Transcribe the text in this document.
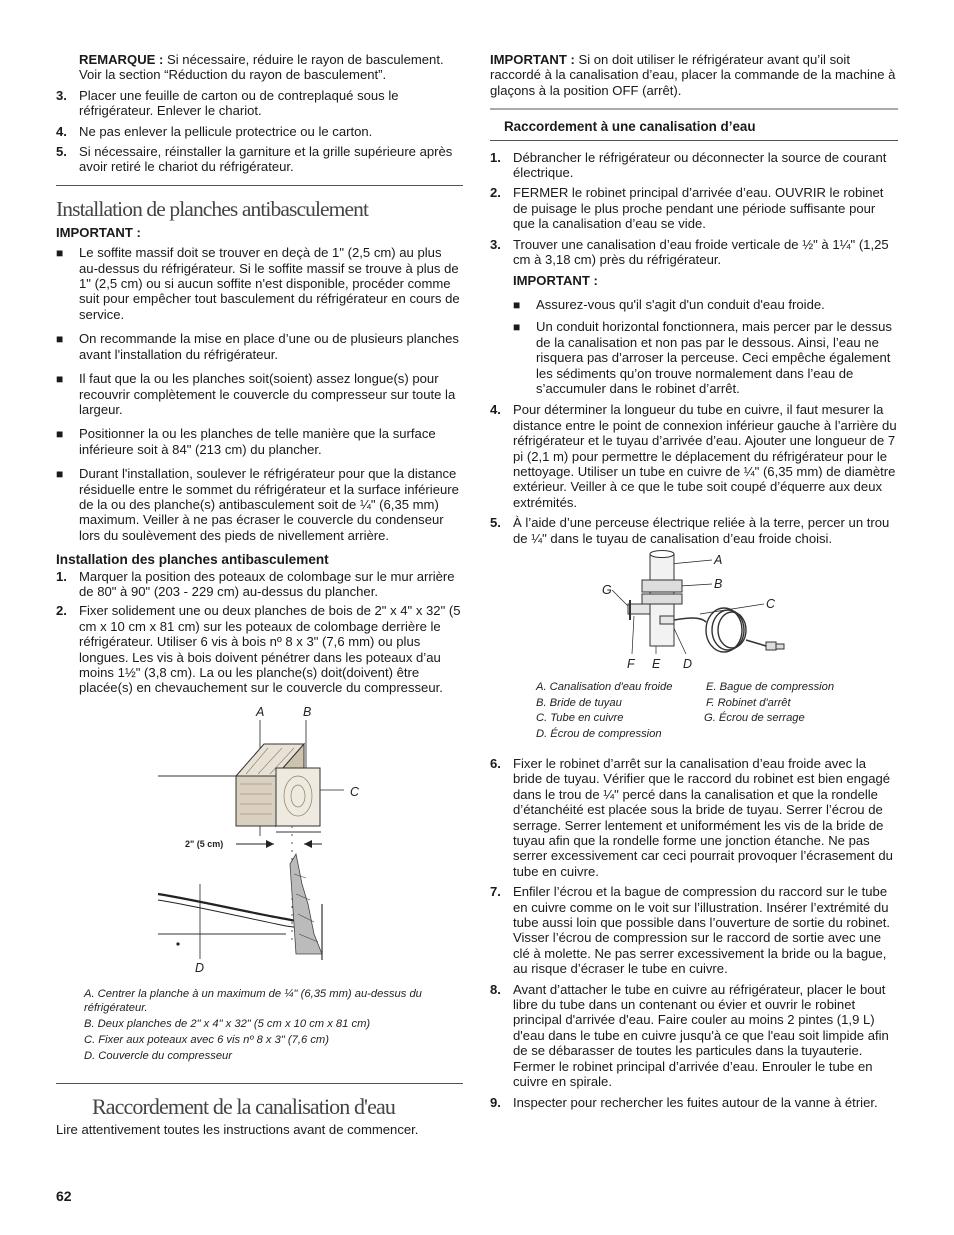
REMARQUE : Si nécessaire, réduire le rayon de basculement. Voir la section “Réduction du rayon de basculement”.

3. Placer une feuille de carton ou de contreplaqué sous le réfrigérateur. Enlever le chariot.
4. Ne pas enlever la pellicule protectrice ou le carton.
5. Si nécessaire, réinstaller la garniture et la grille supérieure après avoir retiré le chariot du réfrigérateur.
Installation de planches antibasculement

IMPORTANT :

■ Le soffite massif doit se trouver en deçà de 1" (2,5 cm) au plus au-dessus du réfrigérateur. Si le soffite massif se trouve à plus de 1" (2,5 cm) ou si aucun soffite n'est disponible, procéder comme suit pour empêcher tout basculement du réfrigérateur en cours de service.
■ On recommande la mise en place d’une ou de plusieurs planches avant l'installation du réfrigérateur.
■ Il faut que la ou les planches soit(soient) assez longue(s) pour recouvrir complètement le couvercle du compresseur sur toute la largeur.
■ Positionner la ou les planches de telle manière que la surface inférieure soit à 84" (213 cm) du plancher.
■ Durant l'installation, soulever le réfrigérateur pour que la distance résiduelle entre le sommet du réfrigérateur et la surface inférieure de la ou des planche(s) antibasculement soit de ¼" (6,35 mm) maximum. Veiller à ne pas écraser le couvercle du condenseur lors du soulèvement des pieds de nivellement arrière.
Installation des planches antibasculement
1. Marquer la position des poteaux de colombage sur le mur arrière de 80" à 90" (203 - 229 cm) au-dessus du plancher.
2. Fixer solidement une ou deux planches de bois de 2" x 4" x 32" (5 cm x 10 cm x 81 cm) sur les poteaux de colombage derrière le réfrigérateur. Utiliser 6 vis à bois nº 8 x 3" (7,6 mm) ou plus longues. Les vis à bois doivent pénétrer dans les poteaux d’au moins 1½" (3,8 cm). La ou les planche(s) doit(doivent) être placée(s) en chevauchement sur le couvercle du compresseur.
A	B
C
D
2" (5 cm)
A. Centrer la planche à un maximum de ¼" (6,35 mm) au-dessus du réfrigérateur.
B. Deux planches de 2" x 4" x 32" (5 cm x 10 cm x 81 cm)
C. Fixer aux poteaux avec 6 vis nº 8 x 3" (7,6 cm)
D. Couvercle du compresseur
Raccordement de la canalisation d'eau

Lire attentivement toutes les instructions avant de commencer.

IMPORTANT : Si on doit utiliser le réfrigérateur avant qu’il soit raccordé à la canalisation d’eau, placer la commande de la machine à glaçons à la position OFF (arrêt).

Raccordement à une canalisation d’eau
1. Débrancher le réfrigérateur ou déconnecter la source de courant électrique.
2. FERMER le robinet principal d’arrivée d’eau. OUVRIR le robinet de puisage le plus proche pendant une période suffisante pour que la canalisation d’eau se vide.
3. Trouver une canalisation d’eau froide verticale de ½" à 1¼" (1,25 cm à 3,18 cm) près du réfrigérateur.

IMPORTANT :

■ Assurez-vous qu'il s'agit d'un conduit d'eau froide.
■ Un conduit horizontal fonctionnera, mais percer par le dessus de la canalisation et non pas par le dessous. Ainsi, l’eau ne risquera pas d’arroser la perceuse. Ceci empêche également les sédiments qu’on trouve normalement dans l’eau de s’accumuler dans le robinet d’arrêt.
4. Pour déterminer la longueur du tube en cuivre, il faut mesurer la distance entre le point de connexion inférieur gauche à l’arrière du réfrigérateur et le tuyau d’arrivée d’eau. Ajouter une longueur de 7 pi (2,1 m) pour permettre le déplacement du réfrigérateur pour le nettoyage. Utiliser un tube en cuivre de ¼" (6,35 mm) de diamètre extérieur. Veiller à ce que le tube soit coupé d’équerre aux deux extrémités.
5. À l’aide d’une perceuse électrique reliée à la terre, percer un trou de ¼" dans le tuyau de canalisation d’eau froide choisi.
A
B
C
G
F E D
A. Canalisation d'eau froide
B. Bride de tuyau
C. Tube en cuivre
D. Écrou de compression
E. Bague de compression
F. Robinet d'arrêt
G. Écrou de serrage
6. Fixer le robinet d’arrêt sur la canalisation d’eau froide avec la bride de tuyau. Vérifier que le raccord du robinet est bien engagé dans le trou de ¼" percé dans la canalisation et que la rondelle d’étanchéité est placée sous la bride de tuyau. Serrer l’écrou de serrage. Serrer lentement et uniformément les vis de la bride de tuyau afin que la rondelle forme une jonction étanche. Ne pas serrer excessivement car ceci pourrait provoquer l’écrasement du tube en cuivre.
7. Enfiler l’écrou et la bague de compression du raccord sur le tube en cuivre comme on le voit sur l’illustration. Insérer l’extrémité du tube aussi loin que possible dans l’ouverture de sortie du robinet. Visser l’écrou de compression sur le raccord de sortie avec une clé à molette. Ne pas serrer excessivement la bride ou la bague, au risque d’écraser le tube en cuivre.
8. Avant d’attacher le tube en cuivre au réfrigérateur, placer le bout libre du tube dans un contenant ou évier et ouvrir le robinet principal d'arrivée d'eau. Faire couler au moins 2 pintes (1,9 L) d'eau dans le tube en cuivre jusqu'à ce que l'eau soit limpide afin de se débarasser de toutes les particules dans la tuyauterie. Fermer le robinet principal d’arrivée d’eau. Enrouler le tube en cuivre en spirale.
9. Inspecter pour rechercher les fuites autour de la vanne à étrier.
62
